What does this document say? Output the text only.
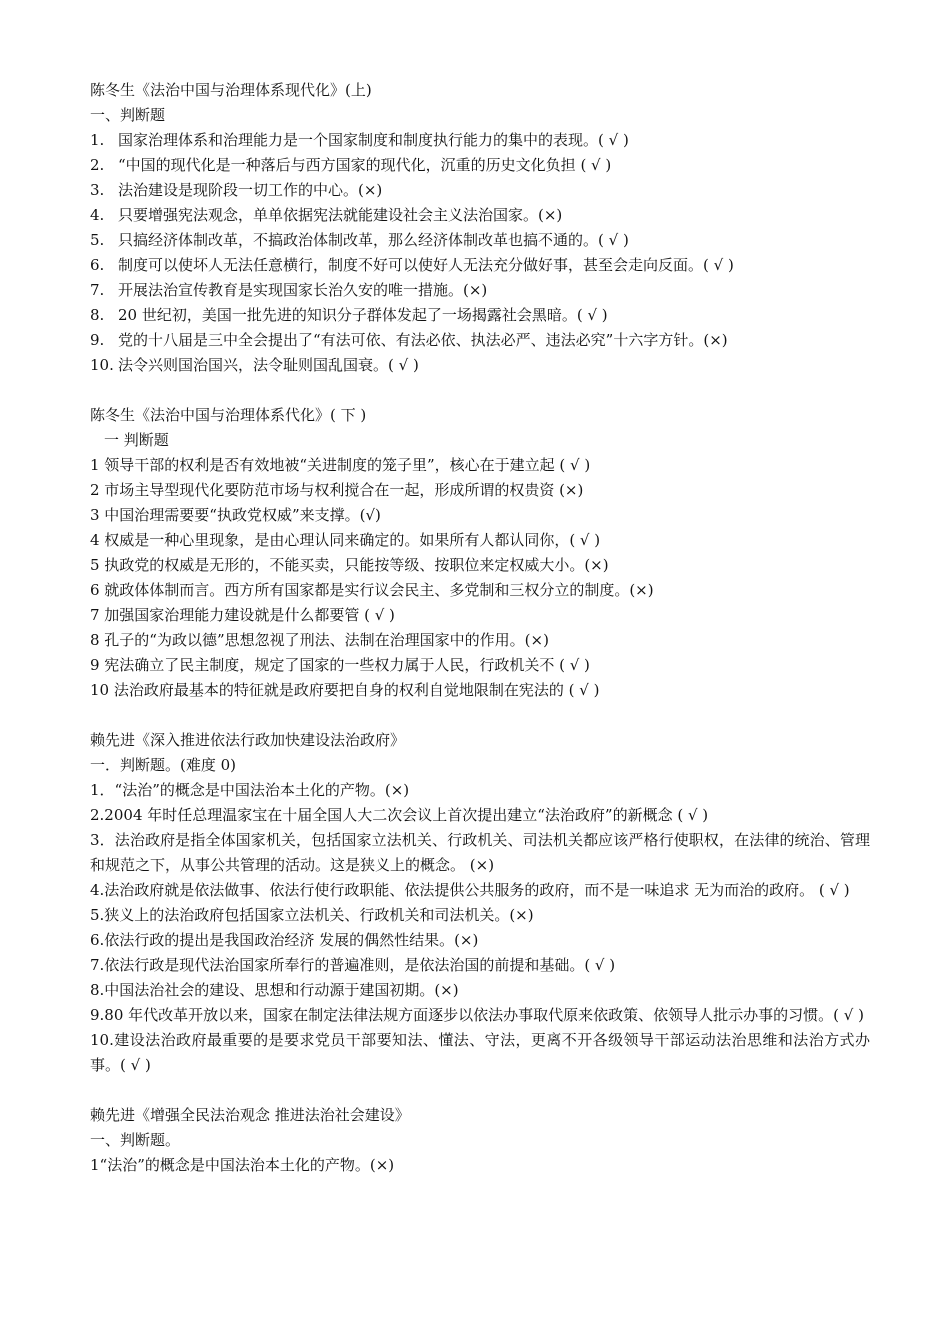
陈冬生《法治中国与治理体系现代化》(上)
一、判断题
1. 国家治理体系和治理能力是一个国家制度和制度执行能力的集中的表现。( √ )
2. “中国的现代化是一种落后与西方国家的现代化，沉重的历史文化负担 ( √ )
3. 法治建设是现阶段一切工作的中心。(×)
4. 只要增强宪法观念，单单依据宪法就能建设社会主义法治国家。(×)
5. 只搞经济体制改革，不搞政治体制改革，那么经济体制改革也搞不通的。( √ )
6. 制度可以使坏人无法任意横行，制度不好可以使好人无法充分做好事，甚至会走向反面。( √ )
7. 开展法治宣传教育是实现国家长治久安的唯一措施。(×)
8. 20 世纪初，美国一批先进的知识分子群体发起了一场揭露社会黑暗。( √ )
9. 党的十八届是三中全会提出了“有法可依、有法必依、执法必严、违法必究”十六字方针。(×)
10. 法令兴则国治国兴，法令耻则国乱国衰。( √ )
陈冬生《法治中国与治理体系代化》( 下 )
一 判断题
1 领导干部的权利是否有效地被“关进制度的笼子里”，核心在于建立起 ( √ )
2 市场主导型现代化要防范市场与权利搅合在一起，形成所谓的权贵资 (×)
3 中国治理需要要“执政党权威”来支撑。(√)
4 权威是一种心里现象，是由心理认同来确定的。如果所有人都认同你，( √ )
5 执政党的权威是无形的，不能买卖，只能按等级、按职位来定权威大小。(×)
6 就政体体制而言。西方所有国家都是实行议会民主、多党制和三权分立的制度。(×)
7 加强国家治理能力建设就是什么都要管 ( √ )
8 孔子的“为政以德”思想忽视了刑法、法制在治理国家中的作用。(×)
9 宪法确立了民主制度，规定了国家的一些权力属于人民，行政机关不 ( √ )
10 法治政府最基本的特征就是政府要把自身的权利自觉地限制在宪法的 ( √ )
赖先进《深入推进依法行政加快建设法治政府》
一．判断题。(难度 0)
1．“法治”的概念是中国法治本土化的产物。(×)
2.2004 年时任总理温家宝在十届全国人大二次会议上首次提出建立“法治政府”的新概念 ( √ )
3．法治政府是指全体国家机关，包括国家立法机关、行政机关、司法机关都应该严格行使职权，在法律的统治、管理和规范之下，从事公共管理的活动。这是狭义上的概念。 (×)
4.法治政府就是依法做事、依法行使行政职能、依法提供公共服务的政府，而不是一味追求 无为而治的政府。 ( √ )
5.狭义上的法治政府包括国家立法机关、行政机关和司法机关。(×)
6.依法行政的提出是我国政治经济 发展的偶然性结果。(×)
7.依法行政是现代法治国家所奉行的普遍准则，是依法治国的前提和基础。( √ )
8.中国法治社会的建设、思想和行动源于建国初期。(×)
9.80 年代改革开放以来，国家在制定法律法规方面逐步以依法办事取代原来依政策、依领导人批示办事的习惯。( √ )
10.建设法治政府最重要的是要求党员干部要知法、懂法、守法，更离不开各级领导干部运动法治思维和法治方式办事。( √ )
赖先进《增强全民法治观念 推进法治社会建设》
一、判断题。
1“法治”的概念是中国法治本土化的产物。(×)
